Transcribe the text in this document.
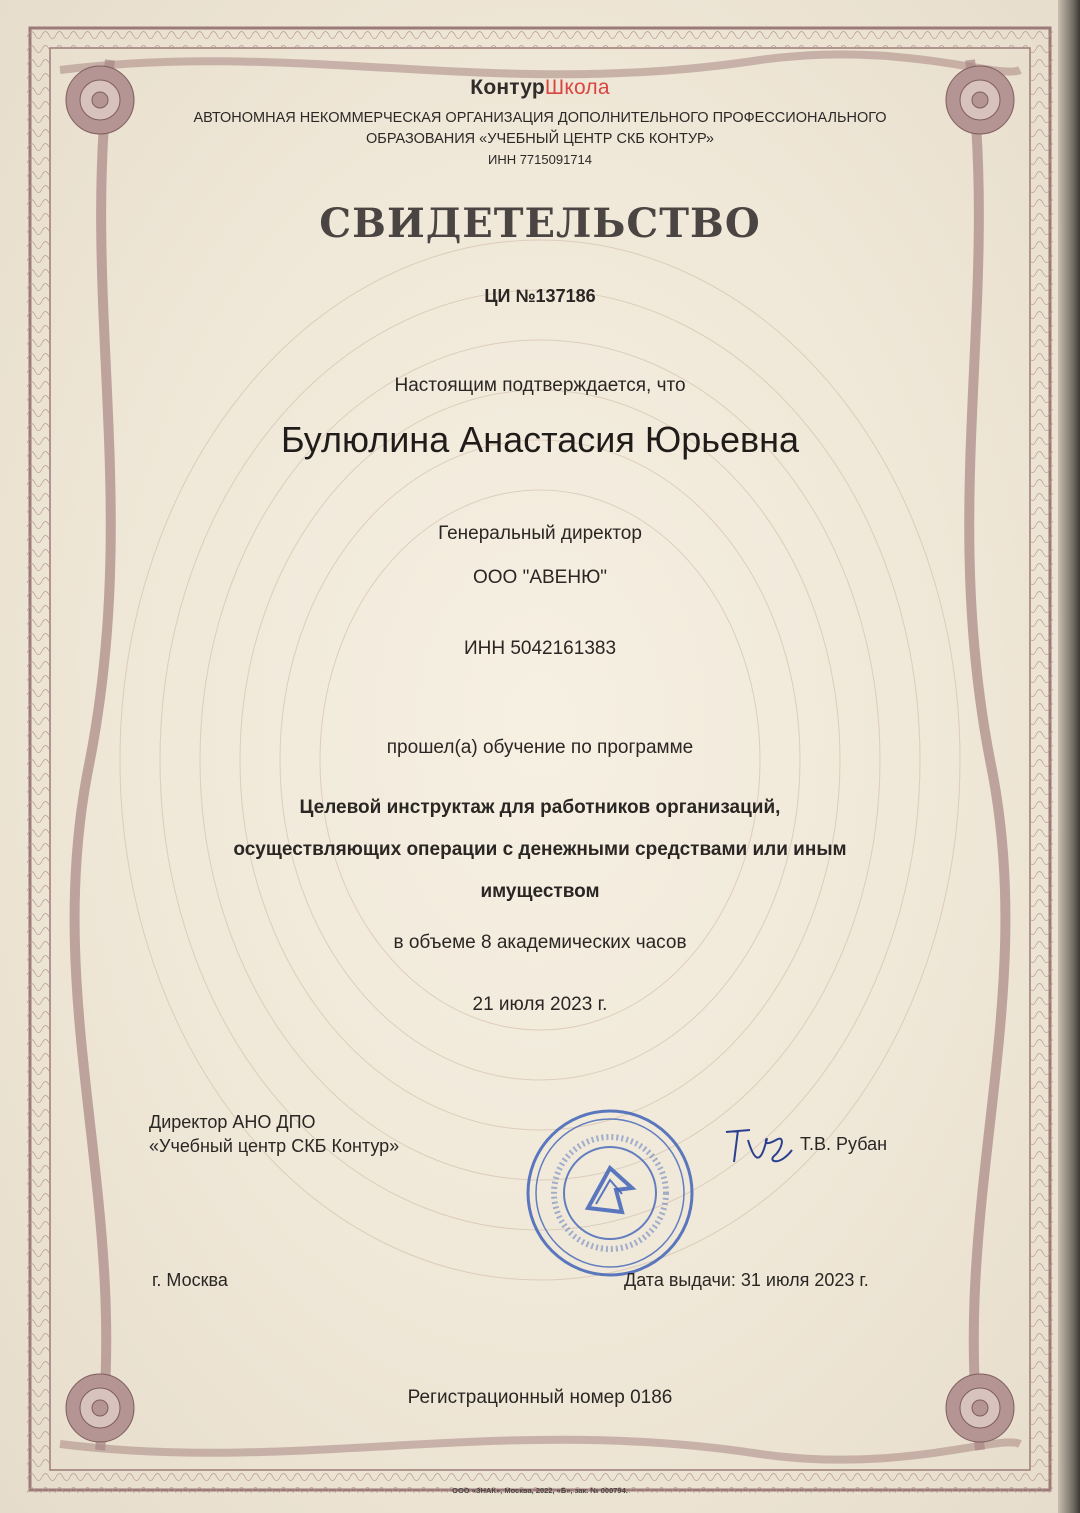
КонтурШкола
АВТОНОМНАЯ НЕКОММЕРЧЕСКАЯ ОРГАНИЗАЦИЯ ДОПОЛНИТЕЛЬНОГО ПРОФЕССИОНАЛЬНОГО
ОБРАЗОВАНИЯ «УЧЕБНЫЙ ЦЕНТР СКБ КОНТУР»
ИНН 7715091714
СВИДЕТЕЛЬСТВО
ЦИ №137186
Настоящим подтверждается, что
Булюлина Анастасия Юрьевна
Генеральный директор
ООО "АВЕНЮ"
ИНН 5042161383
прошел(а) обучение по программе
Целевой инструктаж для работников организаций,
осуществляющих операции с денежными средствами или иным
имуществом
в объеме 8 академических часов
21 июля 2023 г.
Директор АНО ДПО
«Учебный центр СКБ Контур»	Т.В. Рубан
г. Москва	Дата выдачи: 31 июля 2023 г.
Регистрационный номер 0186
ООО «ЗНАК», Москва, 2022, «Б», зак. № 000794.
